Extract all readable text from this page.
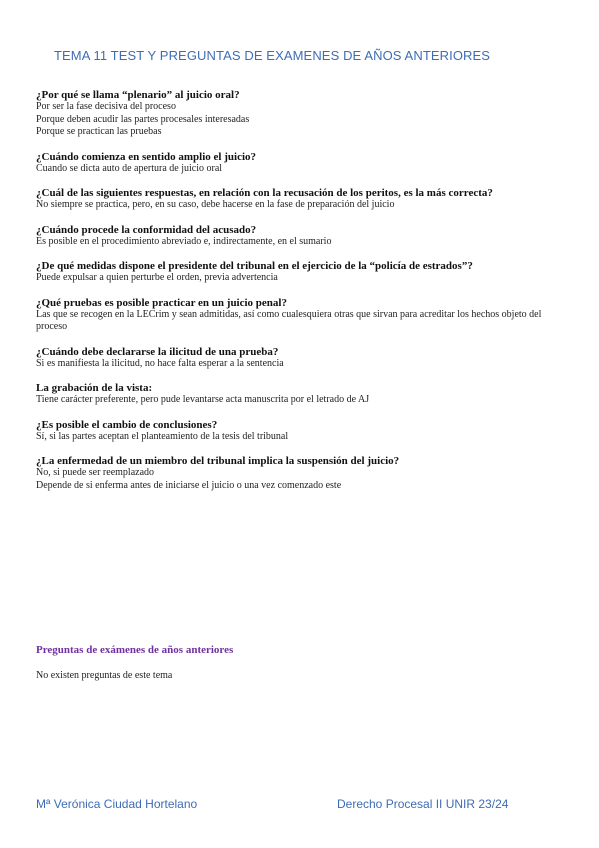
TEMA 11 TEST Y PREGUNTAS DE EXAMENES DE AÑOS ANTERIORES
¿Por qué se llama “plenario” al juicio oral?
Por ser la fase decisiva del proceso
Porque deben acudir las partes procesales interesadas
Porque se practican las pruebas
¿Cuándo comienza en sentido amplio el juicio?
Cuando se dicta auto de apertura de juicio oral
¿Cuál de las siguientes respuestas, en relación con la recusación de los peritos, es la más correcta?
No siempre se practica, pero, en su caso, debe hacerse en la fase de preparación del juicio
¿Cuándo procede la conformidad del acusado?
Es posible en el procedimiento abreviado e, indirectamente, en el sumario
¿De qué medidas dispone el presidente del tribunal en el ejercicio de la “policía de estrados”?
Puede expulsar a quien perturbe el orden, previa advertencia
¿Qué pruebas es posible practicar en un juicio penal?
Las que se recogen en la LECrim y sean admitidas, así como cualesquiera otras que sirvan para acreditar los hechos objeto del proceso
¿Cuándo debe declararse la ilicitud de una prueba?
Si es manifiesta la ilicitud, no hace falta esperar a la sentencia
La grabación de la vista:
Tiene carácter preferente, pero pude levantarse acta manuscrita por el letrado de AJ
¿Es posible el cambio de conclusiones?
Sí, si las partes aceptan el planteamiento de la tesis del tribunal
¿La enfermedad de un miembro del tribunal implica la suspensión del juicio?
No, si puede ser reemplazado
Depende de si enferma antes de iniciarse el juicio o una vez comenzado este
Preguntas de exámenes de años anteriores
No existen preguntas de este tema
Mª Verónica Ciudad Hortelano	Derecho Procesal II UNIR 23/24
